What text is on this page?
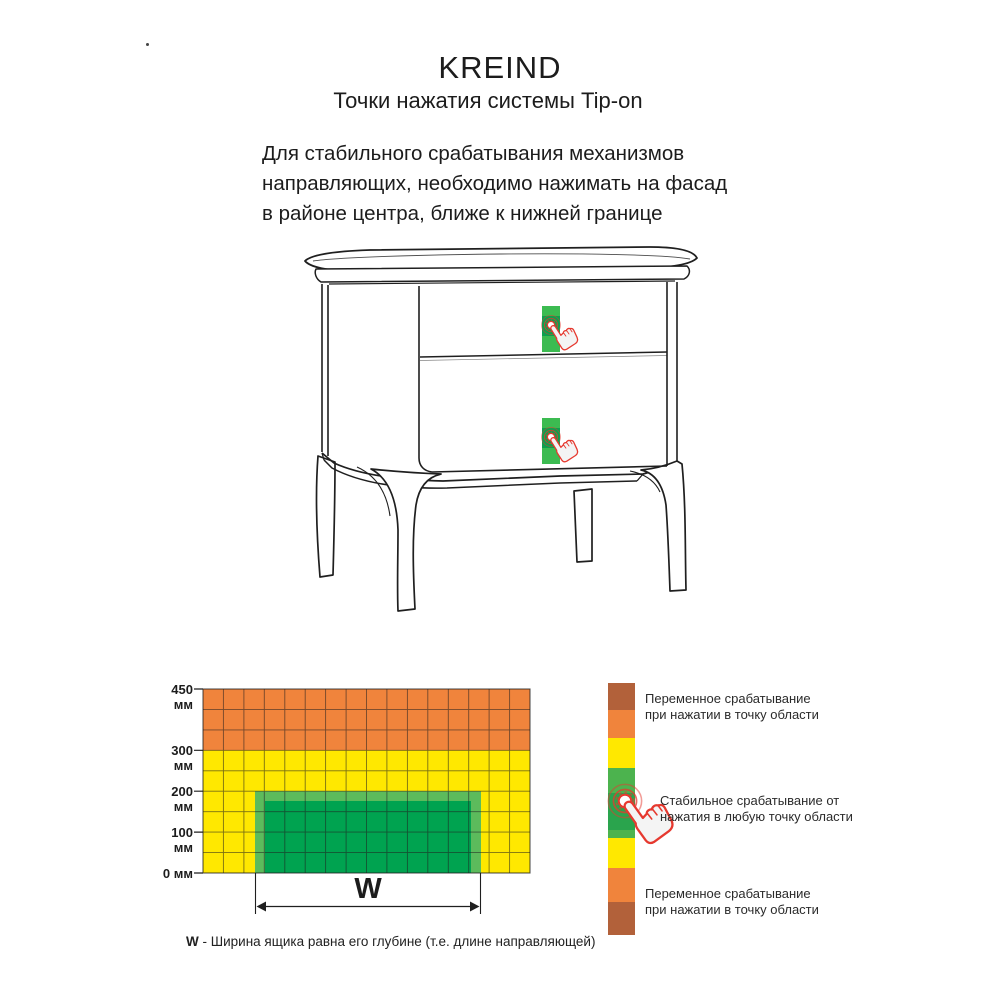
KREIND
Точки нажатия системы Tip-on
Для стабильного срабатывания механизмов
направляющих, необходимо нажимать на фасад
в районе центра, ближе к нижней границе
450 мм
300 мм
200 мм
100 мм
0 мм	W
W - Ширина ящика равна его глубине (т.е. длине направляющей)
Переменное срабатывание
при нажатии в точку области
Стабильное срабатывание от
нажатия в любую точку области
Переменное срабатывание
при нажатии в точку области
